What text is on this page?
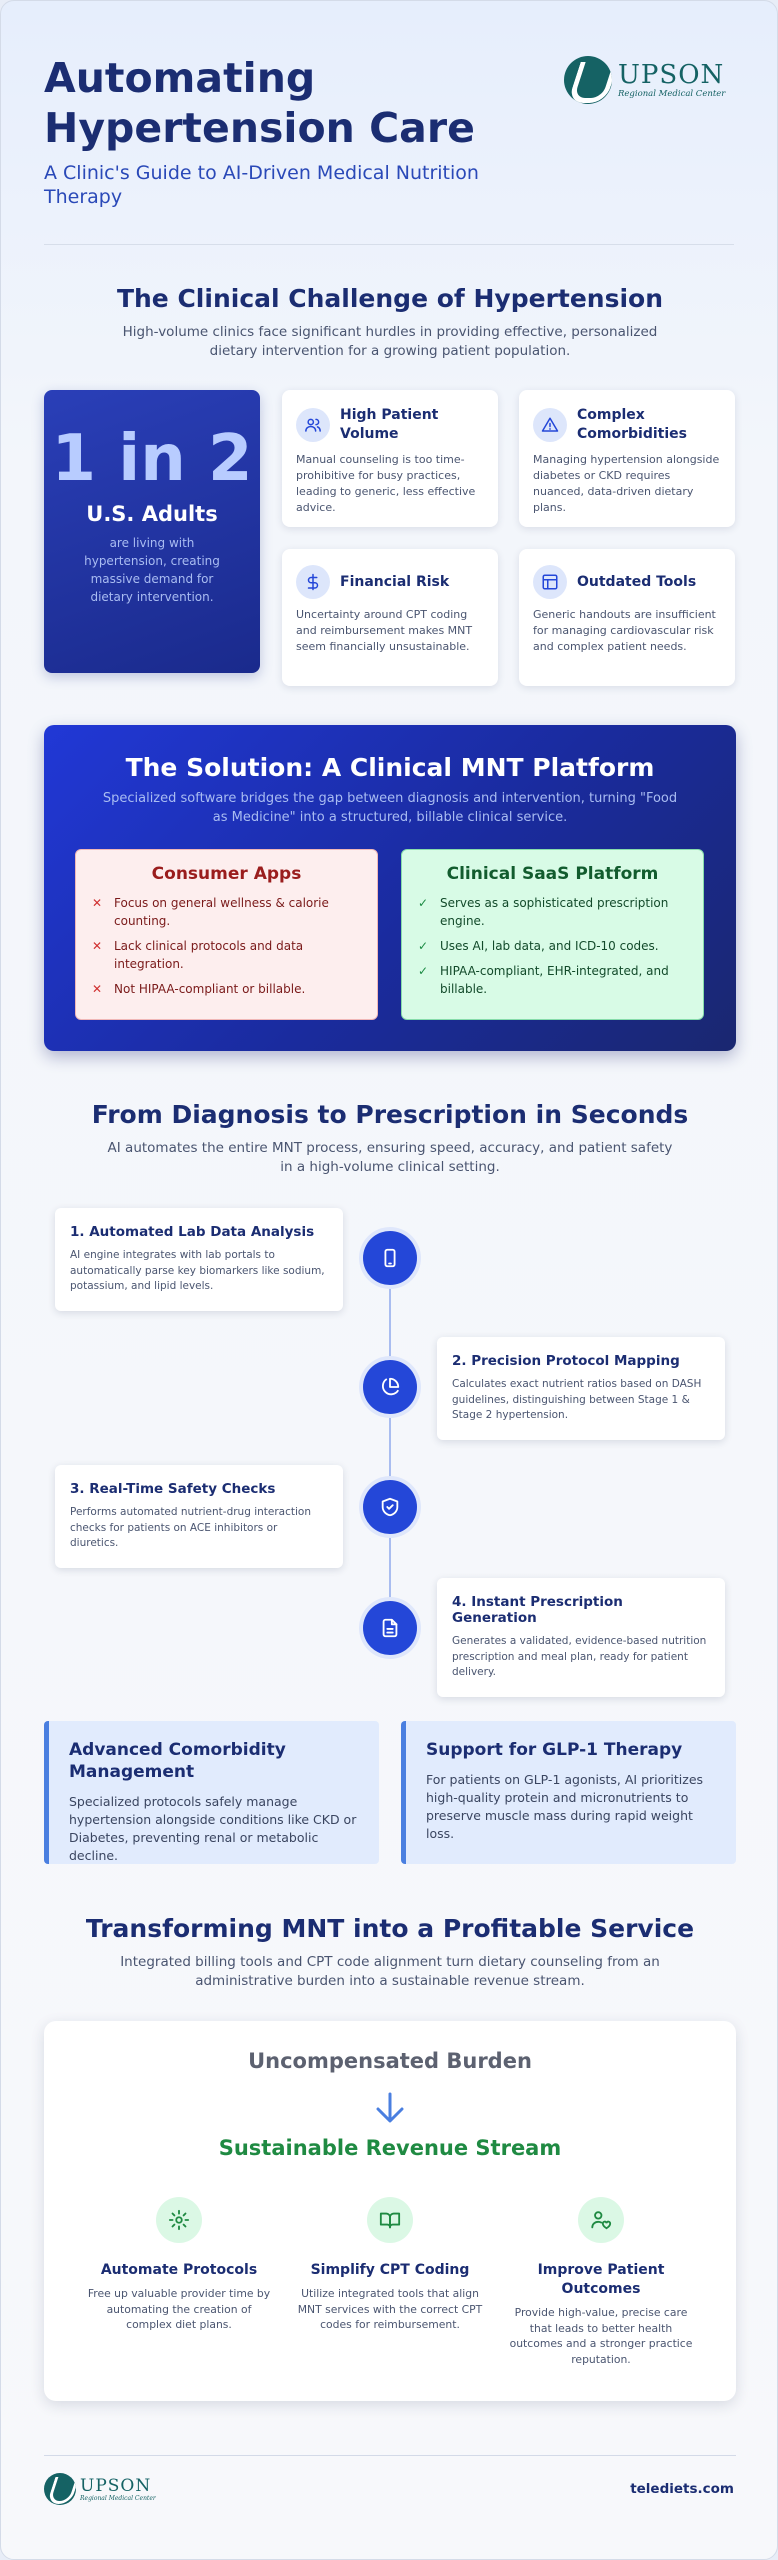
Automating Hypertension Care
A Clinic's Guide to AI-Driven Medical Nutrition Therapy
UPSON
Regional Medical Center
The Clinical Challenge of Hypertension

High-volume clinics face significant hurdles in providing effective, personalized dietary intervention for a growing patient population.

1 in 2
U.S. Adults
are living with hypertension, creating massive demand for dietary intervention.
High Patient Volume
Manual counseling is too time-prohibitive for busy practices, leading to generic, less effective advice.
Complex Comorbidities
Managing hypertension alongside diabetes or CKD requires nuanced, data-driven dietary plans.
Financial Risk
Uncertainty around CPT coding and reimbursement makes MNT seem financially unsustainable.
Outdated Tools
Generic handouts are insufficient for managing cardiovascular risk and complex patient needs.
The Solution: A Clinical MNT Platform

Specialized software bridges the gap between diagnosis and intervention, turning "Food as Medicine" into a structured, billable clinical service.

Consumer Apps
✕ Focus on general wellness & calorie counting.
✕ Lack clinical protocols and data integration.
✕ Not HIPAA-compliant or billable.
Clinical SaaS Platform
✓ Serves as a sophisticated prescription engine.
✓ Uses AI, lab data, and ICD-10 codes.
✓ HIPAA-compliant, EHR-integrated, and billable.
From Diagnosis to Prescription in Seconds

AI automates the entire MNT process, ensuring speed, accuracy, and patient safety in a high-volume clinical setting.

1. Automated Lab Data Analysis
AI engine integrates with lab portals to automatically parse key biomarkers like sodium, potassium, and lipid levels.
2. Precision Protocol Mapping
Calculates exact nutrient ratios based on DASH guidelines, distinguishing between Stage 1 & Stage 2 hypertension.
3. Real-Time Safety Checks
Performs automated nutrient-drug interaction checks for patients on ACE inhibitors or diuretics.
4. Instant Prescription Generation
Generates a validated, evidence-based nutrition prescription and meal plan, ready for patient delivery.
Advanced Comorbidity Management
Specialized protocols safely manage hypertension alongside conditions like CKD or Diabetes, preventing renal or metabolic decline.
Support for GLP-1 Therapy
For patients on GLP-1 agonists, AI prioritizes high-quality protein and micronutrients to preserve muscle mass during rapid weight loss.
Transforming MNT into a Profitable Service

Integrated billing tools and CPT code alignment turn dietary counseling from an administrative burden into a sustainable revenue stream.

Uncompensated Burden
Sustainable Revenue Stream
Automate Protocols
Free up valuable provider time by automating the creation of complex diet plans.
Simplify CPT Coding
Utilize integrated tools that align MNT services with the correct CPT codes for reimbursement.
Improve Patient Outcomes
Provide high-value, precise care that leads to better health outcomes and a stronger practice reputation.
UPSON
Regional Medical Center
telediets.com
